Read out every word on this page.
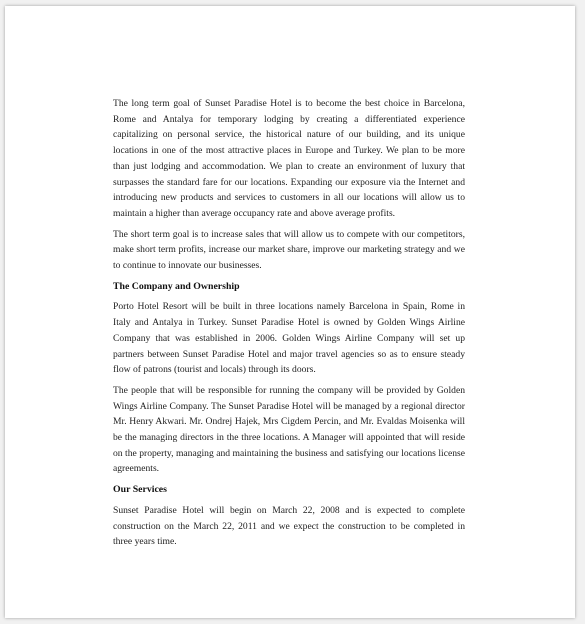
The long term goal of Sunset Paradise Hotel is to become the best choice in Barcelona, Rome and Antalya for temporary lodging by creating a differentiated experience capitalizing on personal service, the historical nature of our building, and its unique locations in one of the most attractive places in Europe and Turkey. We plan to be more than just lodging and accommodation. We plan to create an environment of luxury that surpasses the standard fare for our locations. Expanding our exposure via the Internet and introducing new products and services to customers in all our locations will allow us to maintain a higher than average occupancy rate and above average profits.

The short term goal is to increase sales that will allow us to compete with our competitors, make short term profits, increase our market share, improve our marketing strategy and we to continue to innovate our businesses.

The Company and Ownership

Porto Hotel Resort will be built in three locations namely Barcelona in Spain, Rome in Italy and Antalya in Turkey. Sunset Paradise Hotel is owned by Golden Wings Airline Company that was established in 2006. Golden Wings Airline Company will set up partners between Sunset Paradise Hotel and major travel agencies so as to ensure steady flow of patrons (tourist and locals) through its doors.

The people that will be responsible for running the company will be provided by Golden Wings Airline Company. The Sunset Paradise Hotel will be managed by a regional director Mr. Henry Akwari. Mr. Ondrej Hajek, Mrs Cigdem Percin, and Mr. Evaldas Moisenka will be the managing directors in the three locations. A Manager will appointed that will reside on the property, managing and maintaining the business and satisfying our locations license agreements.

Our Services

Sunset Paradise Hotel will begin on March 22, 2008 and is expected to complete construction on the March 22, 2011 and we expect the construction to be completed in three years time.
